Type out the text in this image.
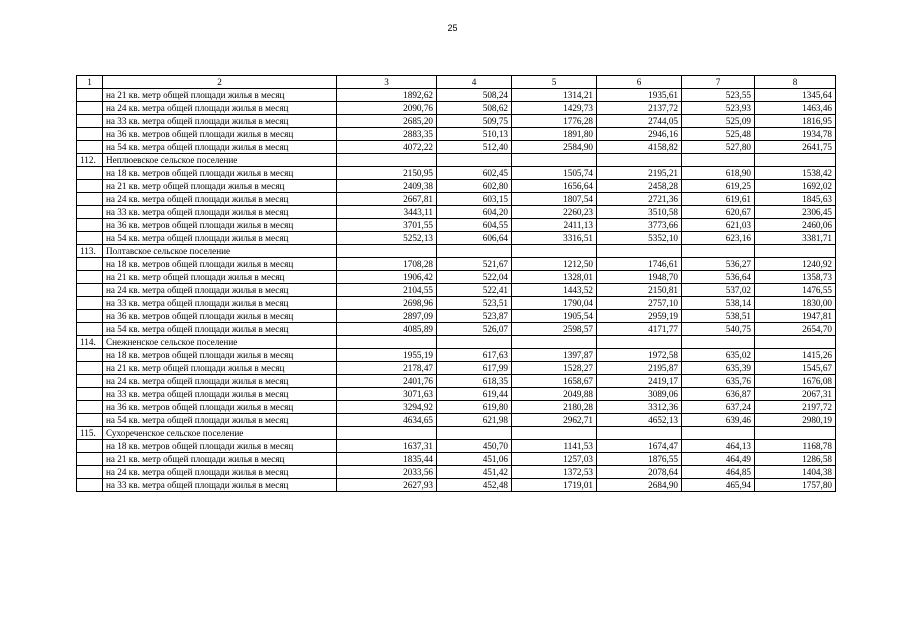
25
1	2	3	4	5	6	7	8
	на 21 кв. метр общей площади жилья в месяц	1892,62	508,24	1314,21	1935,61	523,55	1345,64
	на 24 кв. метра общей площади жилья в месяц	2090,76	508,62	1429,73	2137,72	523,93	1463,46
	на 33 кв. метра общей площади жилья в месяц	2685,20	509,75	1776,28	2744,05	525,09	1816,95
	на 36 кв. метров общей площади жилья в месяц	2883,35	510,13	1891,80	2946,16	525,48	1934,78
	на 54 кв. метра общей площади жилья в месяц	4072,22	512,40	2584,90	4158,82	527,80	2641,75
112.	Неплюевское сельское поселение						
	на 18 кв. метров общей площади жилья в месяц	2150,95	602,45	1505,74	2195,21	618,90	1538,42
	на 21 кв. метр общей площади жилья в месяц	2409,38	602,80	1656,64	2458,28	619,25	1692,02
	на 24 кв. метра общей площади жилья в месяц	2667,81	603,15	1807,54	2721,36	619,61	1845,63
	на 33 кв. метра общей площади жилья в месяц	3443,11	604,20	2260,23	3510,58	620,67	2306,45
	на 36 кв. метров общей площади жилья в месяц	3701,55	604,55	2411,13	3773,66	621,03	2460,06
	на 54 кв. метра общей площади жилья в месяц	5252,13	606,64	3316,51	5352,10	623,16	3381,71
113.	Полтавское сельское поселение						
	на 18 кв. метров общей площади жилья в месяц	1708,28	521,67	1212,50	1746,61	536,27	1240,92
	на 21 кв. метр общей площади жилья в месяц	1906,42	522,04	1328,01	1948,70	536,64	1358,73
	на 24 кв. метра общей площади жилья в месяц	2104,55	522,41	1443,52	2150,81	537,02	1476,55
	на 33 кв. метра общей площади жилья в месяц	2698,96	523,51	1790,04	2757,10	538,14	1830,00
	на 36 кв. метров общей площади жилья в месяц	2897,09	523,87	1905,54	2959,19	538,51	1947,81
	на 54 кв. метра общей площади жилья в месяц	4085,89	526,07	2598,57	4171,77	540,75	2654,70
114.	Снежненское сельское поселение						
	на 18 кв. метров общей площади жилья в месяц	1955,19	617,63	1397,87	1972,58	635,02	1415,26
	на 21 кв. метр общей площади жилья в месяц	2178,47	617,99	1528,27	2195,87	635,39	1545,67
	на 24 кв. метра общей площади жилья в месяц	2401,76	618,35	1658,67	2419,17	635,76	1676,08
	на 33 кв. метра общей площади жилья в месяц	3071,63	619,44	2049,88	3089,06	636,87	2067,31
	на 36 кв. метров общей площади жилья в месяц	3294,92	619,80	2180,28	3312,36	637,24	2197,72
	на 54 кв. метра общей площади жилья в месяц	4634,65	621,98	2962,71	4652,13	639,46	2980,19
115.	Сухореченское сельское поселение						
	на 18 кв. метров общей площади жилья в месяц	1637,31	450,70	1141,53	1674,47	464,13	1168,78
	на 21 кв. метр общей площади жилья в месяц	1835,44	451,06	1257,03	1876,55	464,49	1286,58
	на 24 кв. метра общей площади жилья в месяц	2033,56	451,42	1372,53	2078,64	464,85	1404,38
	на 33 кв. метра общей площади жилья в месяц	2627,93	452,48	1719,01	2684,90	465,94	1757,80
